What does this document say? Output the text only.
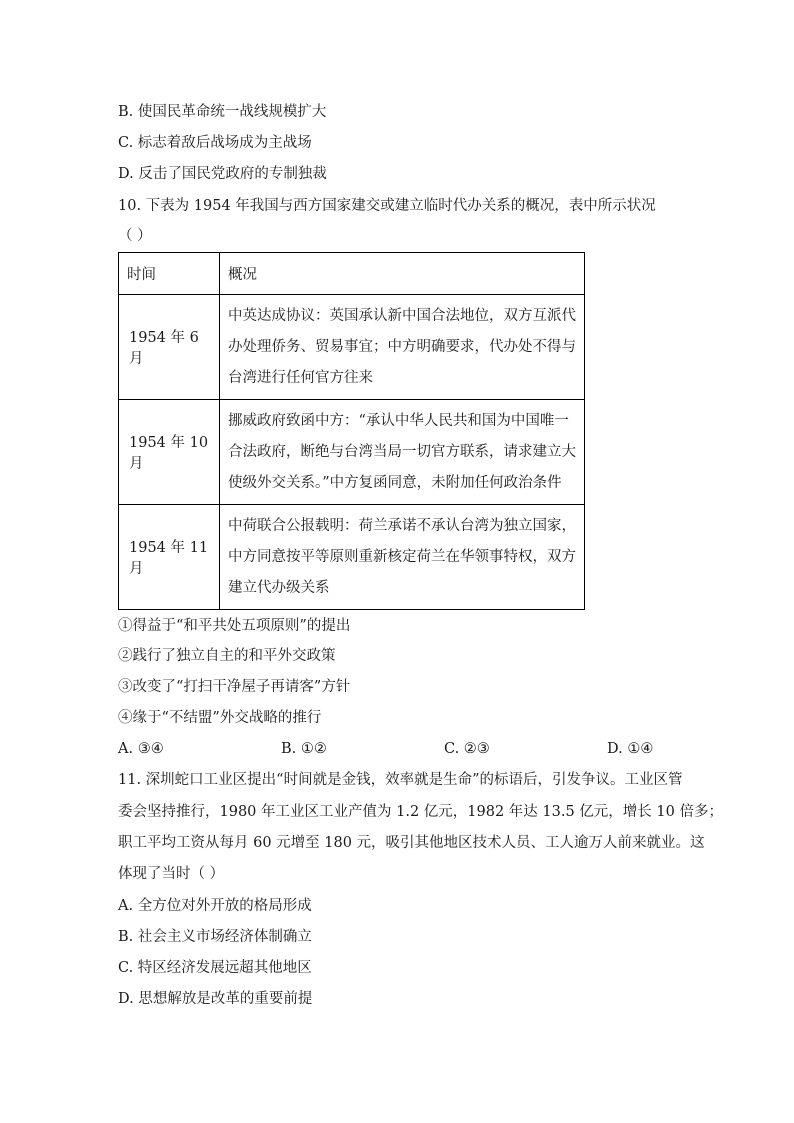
B. 使国民革命统一战线规模扩大
C. 标志着敌后战场成为主战场
D. 反击了国民党政府的专制独裁
10. 下表为 1954 年我国与西方国家建交或建立临时代办关系的概况，表中所示状况
（ ）
时间	概况
1954 年 6 月	中英达成协议：英国承认新中国合法地位，双方互派代
办处理侨务、贸易事宜；中方明确要求，代办处不得与
台湾进行任何官方往来

1954 年 10 月	挪威政府致函中方：“承认中华人民共和国为中国唯一
合法政府，断绝与台湾当局一切官方联系，请求建立大
使级外交关系。”中方复函同意，未附加任何政治条件

1954 年 11 月	中荷联合公报载明：荷兰承诺不承认台湾为独立国家，
中方同意按平等原则重新核定荷兰在华领事特权，双方
建立代办级关系
①得益于“和平共处五项原则”的提出
②践行了独立自主的和平外交政策
③改变了“打扫干净屋子再请客”方针
④缘于“不结盟”外交战略的推行
A. ③④	B. ①②	C. ②③	D. ①④
11. 深圳蛇口工业区提出“时间就是金钱，效率就是生命”的标语后，引发争议。工业区管
委会坚持推行，1980 年工业区工业产值为 1.2 亿元，1982 年达 13.5 亿元，增长 10 倍多；
职工平均工资从每月 60 元增至 180 元，吸引其他地区技术人员、工人逾万人前来就业。这
体现了当时（ ）
A. 全方位对外开放的格局形成
B. 社会主义市场经济体制确立
C. 特区经济发展远超其他地区
D. 思想解放是改革的重要前提
